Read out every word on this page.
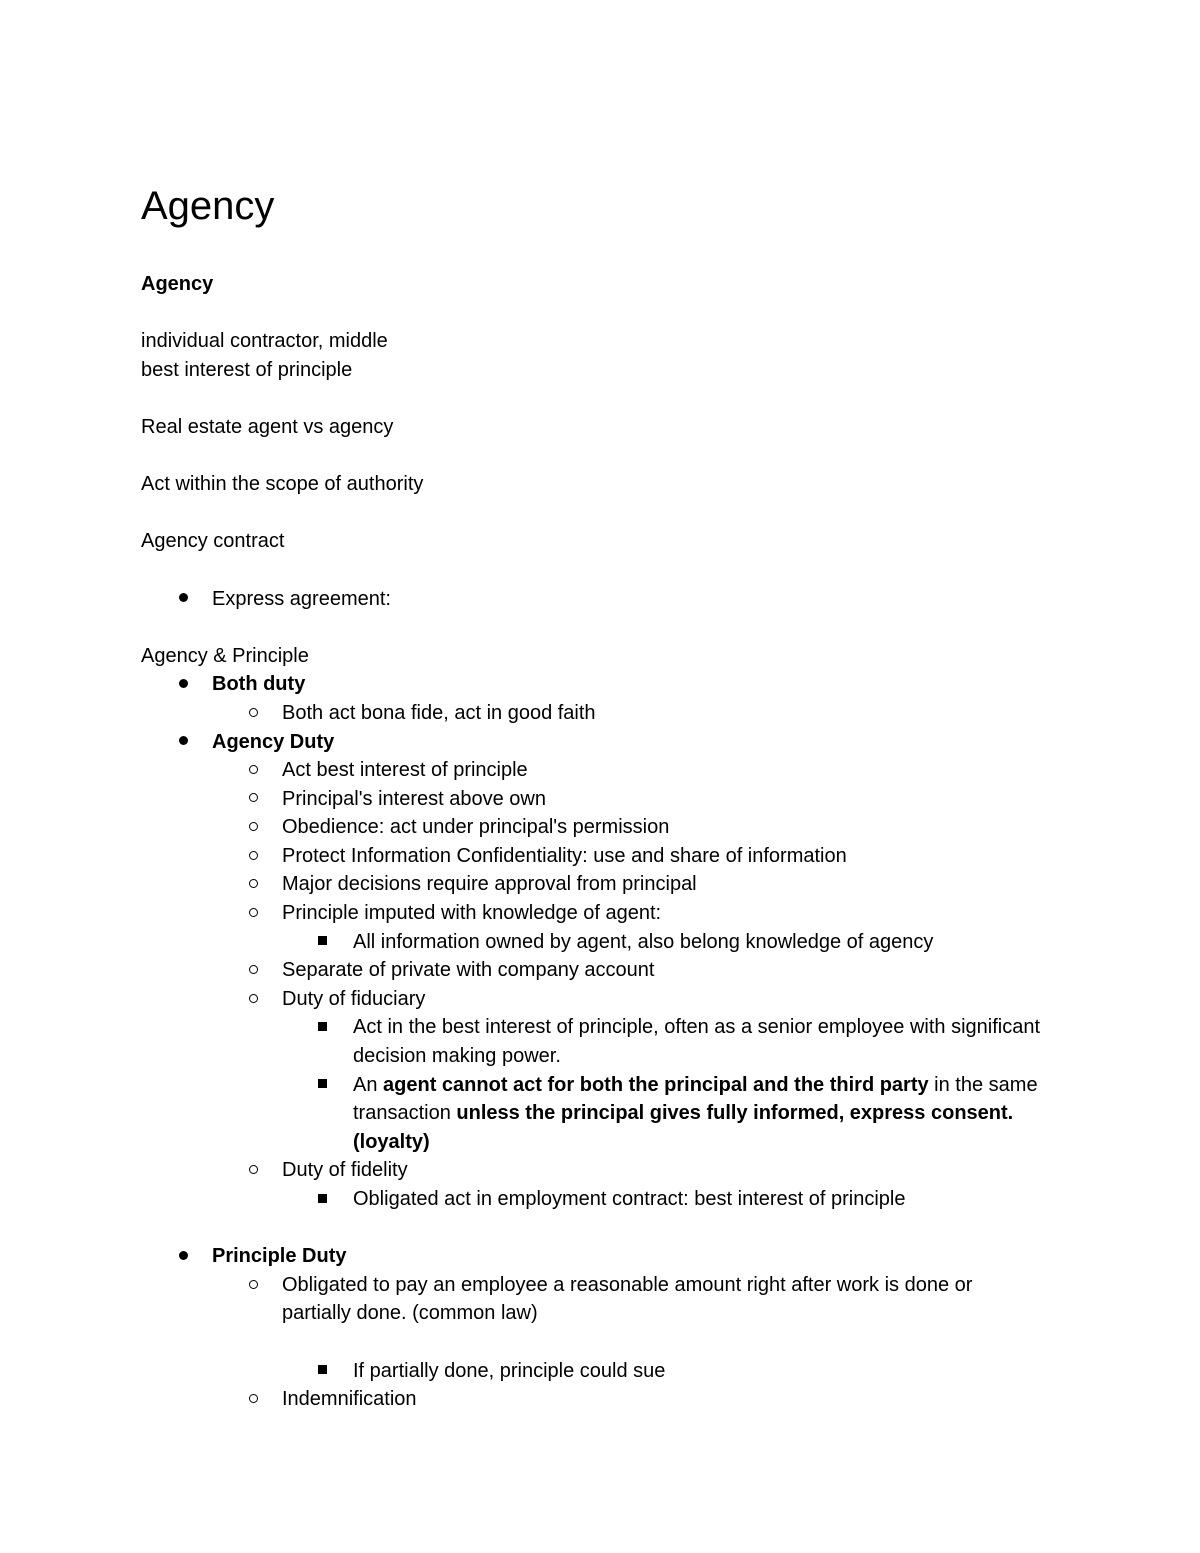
Agency

Agency

individual contractor, middle

best interest of principle

Real estate agent vs agency

Act within the scope of authority

Agency contract

Express agreement:

Agency & Principle

Both duty
Both act bona fide, act in good faith
Agency Duty
Act best interest of principle
Principal's interest above own
Obedience: act under principal's permission
Protect Information Confidentiality: use and share of information
Major decisions require approval from principal
Principle imputed with knowledge of agent:
All information owned by agent, also belong knowledge of agency
Separate of private with company account
Duty of fiduciary
Act in the best interest of principle, often as a senior employee with significant decision making power.
An agent cannot act for both the principal and the third party in the same transaction unless the principal gives fully informed, express consent. (loyalty)
Duty of fidelity
Obligated act in employment contract: best interest of principle
Principle Duty
Obligated to pay an employee a reasonable amount right after work is done or partially done. (common law)
If partially done, principle could sue
Indemnification
